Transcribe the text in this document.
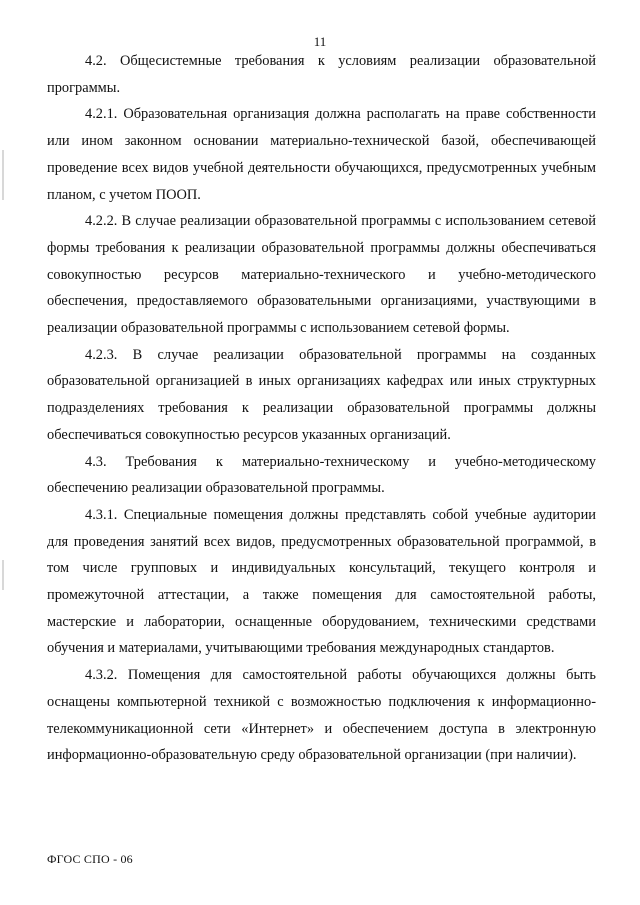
11

4.2. Общесистемные требования к условиям реализации образовательной программы.

4.2.1. Образовательная организация должна располагать на праве собственности или ином законном основании материально-технической базой, обеспечивающей проведение всех видов учебной деятельности обучающихся, предусмотренных учебным планом, с учетом ПООП.

4.2.2. В случае реализации образовательной программы с использованием сетевой формы требования к реализации образовательной программы должны обеспечиваться совокупностью ресурсов материально-технического и учебно-методического обеспечения, предоставляемого образовательными организациями, участвующими в реализации образовательной программы с использованием сетевой формы.

4.2.3. В случае реализации образовательной программы на созданных образовательной организацией в иных организациях кафедрах или иных структурных подразделениях требования к реализации образовательной программы должны обеспечиваться совокупностью ресурсов указанных организаций.

4.3. Требования к материально-техническому и учебно-методическому обеспечению реализации образовательной программы.

4.3.1. Специальные помещения должны представлять собой учебные аудитории для проведения занятий всех видов, предусмотренных образовательной программой, в том числе групповых и индивидуальных консультаций, текущего контроля и промежуточной аттестации, а также помещения для самостоятельной работы, мастерские и лаборатории, оснащенные оборудованием, техническими средствами обучения и материалами, учитывающими требования международных стандартов.

4.3.2. Помещения для самостоятельной работы обучающихся должны быть оснащены компьютерной техникой с возможностью подключения к информационно-телекоммуникационной сети «Интернет» и обеспечением доступа в электронную информационно-образовательную среду образовательной организации (при наличии).

ФГОС СПО - 06
